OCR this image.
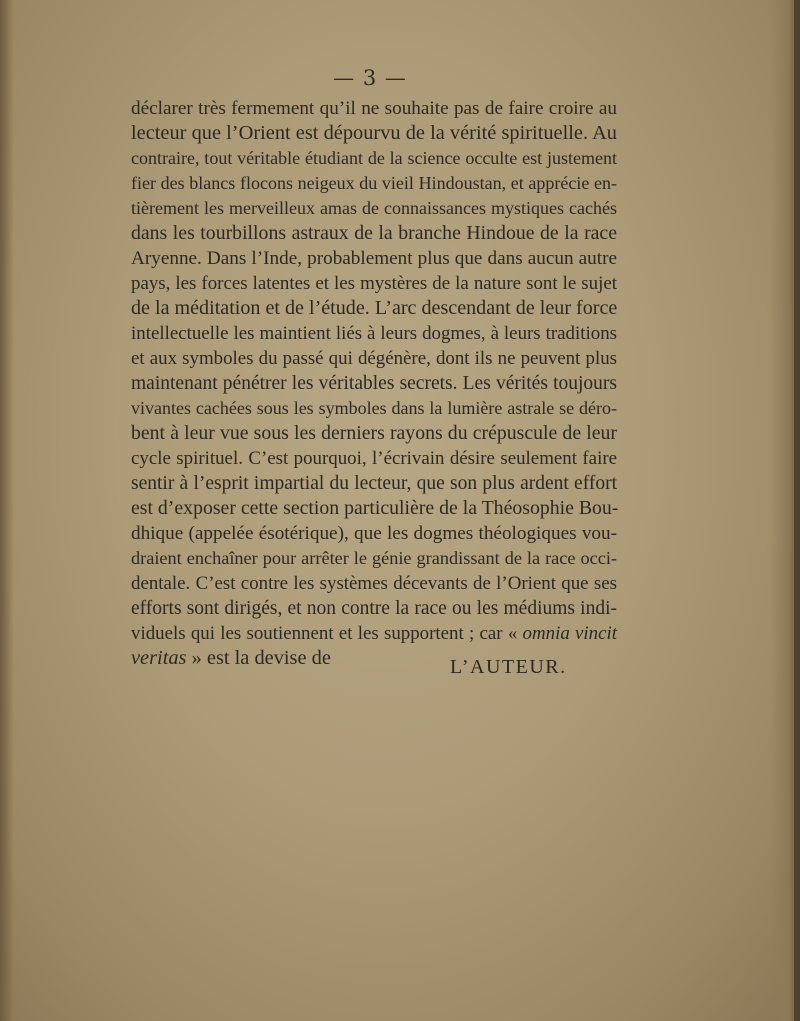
— 3 —
déclarer très fermement qu’il ne souhaite pas de faire croire au
lecteur que l’Orient est dépourvu de la vérité spirituelle. Au
contraire, tout véritable étudiant de la science occulte est justement
fier des blancs flocons neigeux du vieil Hindoustan, et apprécie en-
tièrement les merveilleux amas de connaissances mystiques cachés
dans les tourbillons astraux de la branche Hindoue de la race
Aryenne. Dans l’Inde, probablement plus que dans aucun autre
pays, les forces latentes et les mystères de la nature sont le sujet
de la méditation et de l’étude. L’arc descendant de leur force
intellectuelle les maintient liés à leurs dogmes, à leurs traditions
et aux symboles du passé qui dégénère, dont ils ne peuvent plus
maintenant pénétrer les véritables secrets. Les vérités toujours
vivantes cachées sous les symboles dans la lumière astrale se déro-
bent à leur vue sous les derniers rayons du crépuscule de leur
cycle spirituel. C’est pourquoi, l’écrivain désire seulement faire
sentir à l’esprit impartial du lecteur, que son plus ardent effort
est d’exposer cette section particulière de la Théosophie Bou-
dhique (appelée ésotérique), que les dogmes théologiques vou-
draient enchaîner pour arrêter le génie grandissant de la race occi-
dentale. C’est contre les systèmes décevants de l’Orient que ses
efforts sont dirigés, et non contre la race ou les médiums indi-
viduels qui les soutiennent et les supportent ; car « omnia vincit
veritas » est la devise de	L’AUTEUR.
